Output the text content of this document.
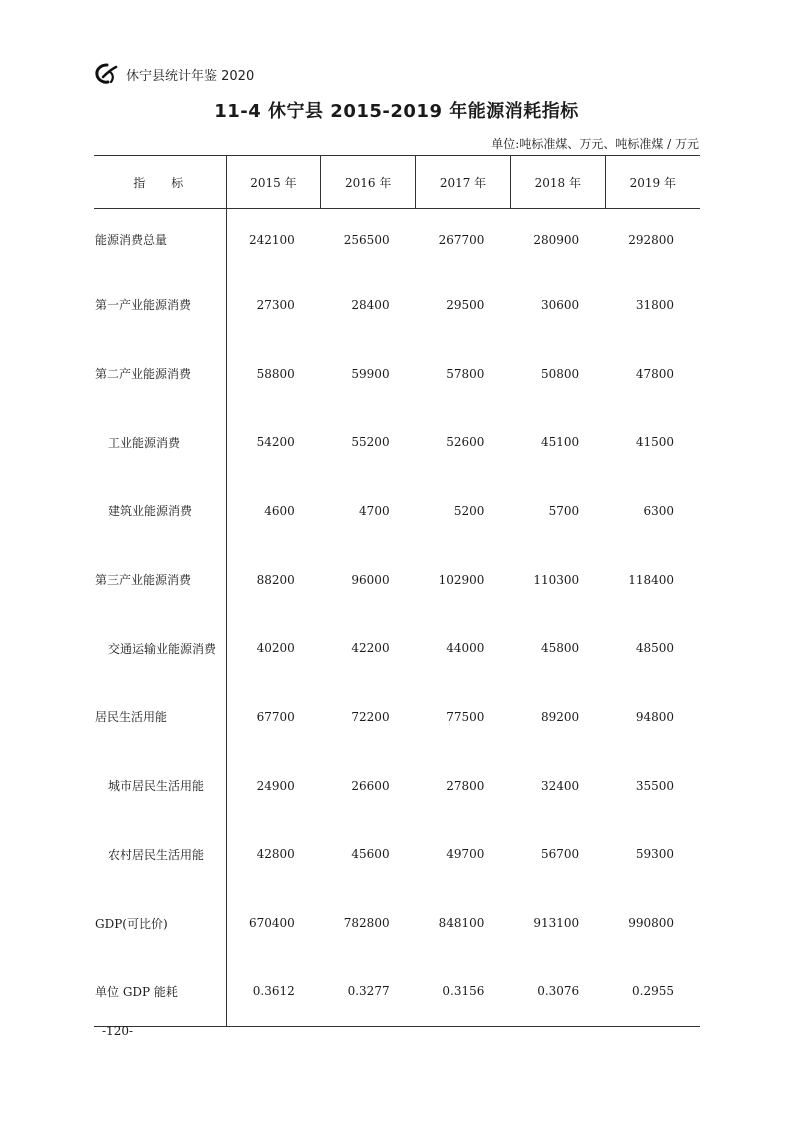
休宁县统计年鉴 2020
11-4 休宁县 2015-2019 年能源消耗指标
单位:吨标准煤、万元、吨标准煤 / 万元
指标	2015 年	2016 年	2017 年	2018 年	2019 年
能源消费总量	242100	256500	267700	280900	292800
第一产业能源消费	27300	28400	29500	30600	31800
第二产业能源消费	58800	59900	57800	50800	47800
工业能源消费	54200	55200	52600	45100	41500
建筑业能源消费	4600	4700	5200	5700	6300
第三产业能源消费	88200	96000	102900	110300	118400
交通运输业能源消费	40200	42200	44000	45800	48500
居民生活用能	67700	72200	77500	89200	94800
城市居民生活用能	24900	26600	27800	32400	35500
农村居民生活用能	42800	45600	49700	56700	59300
GDP(可比价)	670400	782800	848100	913100	990800
单位 GDP 能耗	0.3612	0.3277	0.3156	0.3076	0.2955
-120-
